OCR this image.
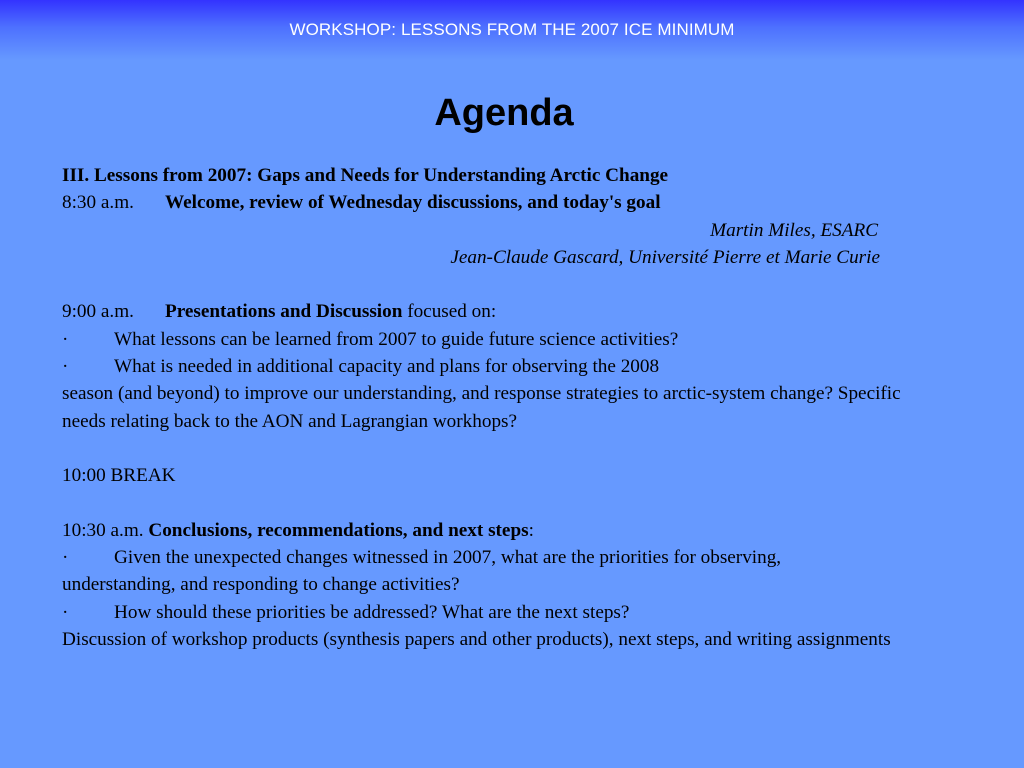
WORKSHOP: LESSONS FROM THE 2007 ICE MINIMUM
Agenda
III. Lessons from 2007: Gaps and Needs for Understanding Arctic Change
8:30 a.m. Welcome, review of Wednesday discussions, and today's goal
Martin Miles, ESARC
Jean-Claude Gascard, Université Pierre et Marie Curie
9:00 a.m. Presentations and Discussion focused on:
· What lessons can be learned from 2007 to guide future science activities?
· What is needed in additional capacity and plans for observing the 2008
season (and beyond) to improve our understanding, and response strategies to arctic-system change? Specific needs relating back to the AON and Lagrangian workhops?
10:00 BREAK
10:30 a.m. Conclusions, recommendations, and next steps:
· Given the unexpected changes witnessed in 2007, what are the priorities for observing,
understanding, and responding to change activities?
· How should these priorities be addressed? What are the next steps?
Discussion of workshop products (synthesis papers and other products), next steps, and writing assignments
